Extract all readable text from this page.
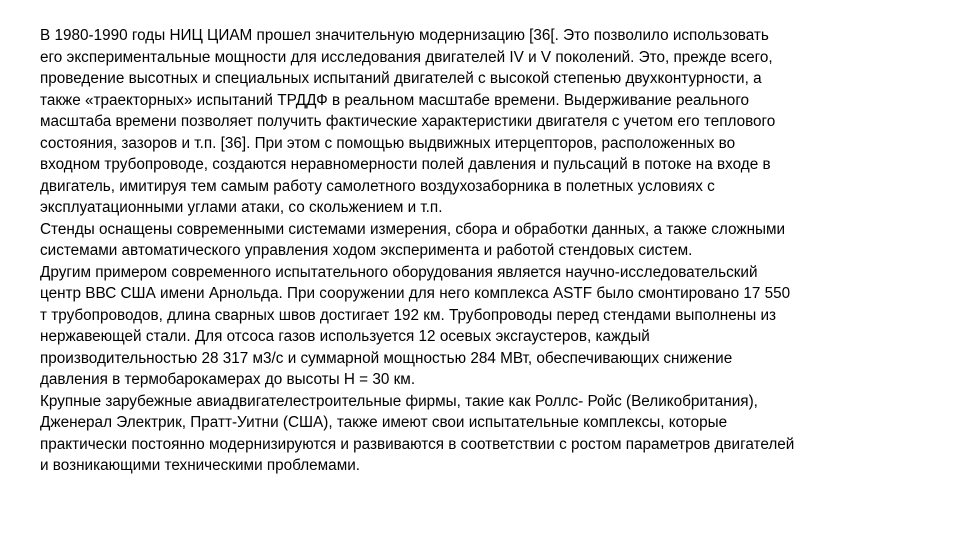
В 1980-1990 годы НИЦ ЦИАМ прошел значительную модернизацию [36[. Это позволило использовать
его экспериментальные мощности для исследования двигателей IV и V поколений. Это, прежде всего,
проведение высотных и специальных испытаний двигателей с высокой степенью двухконтурности, а
также «траекторных» испытаний ТРДДФ в реальном масштабе времени. Выдерживание реального
масштаба времени позволяет получить фактические характеристики двигателя с учетом его теплового
состояния, зазоров и т.п. [36]. При этом с помощью выдвижных итерцепторов, расположенных во
входном трубопроводе, создаются неравномерности полей давления и пульсаций в потоке на входе в
двигатель, имитируя тем самым работу самолетного воздухозаборника в полетных условиях с
эксплуатационными углами атаки, со скольжением и т.п.
Стенды оснащены современными системами измерения, сбора и обработки данных, а также сложными
системами автоматического управления ходом эксперимента и работой стендовых систем.
Другим примером современного испытательного оборудования является научно-исследовательский
центр ВВС США имени Арнольда. При сооружении для него комплекса ASTF было смонтировано 17 550
т трубопроводов, длина сварных швов достигает 192 км. Трубопроводы перед стендами выполнены из
нержавеющей стали. Для отсоса газов используется 12 осевых эксгаустеров, каждый
производительностью 28 317 м3/с и суммарной мощностью 284 МВт, обеспечивающих снижение
давления в термобарокамерах до высоты Н = 30 км.
Крупные зарубежные авиадвигателестроительные фирмы, такие как Роллс- Ройс (Великобритания),
Дженерал Электрик, Пратт-Уитни (США), также имеют свои испытательные комплексы, которые
практически постоянно модернизируются и развиваются в соответствии с ростом параметров двигателей
и возникающими техническими проблемами.
